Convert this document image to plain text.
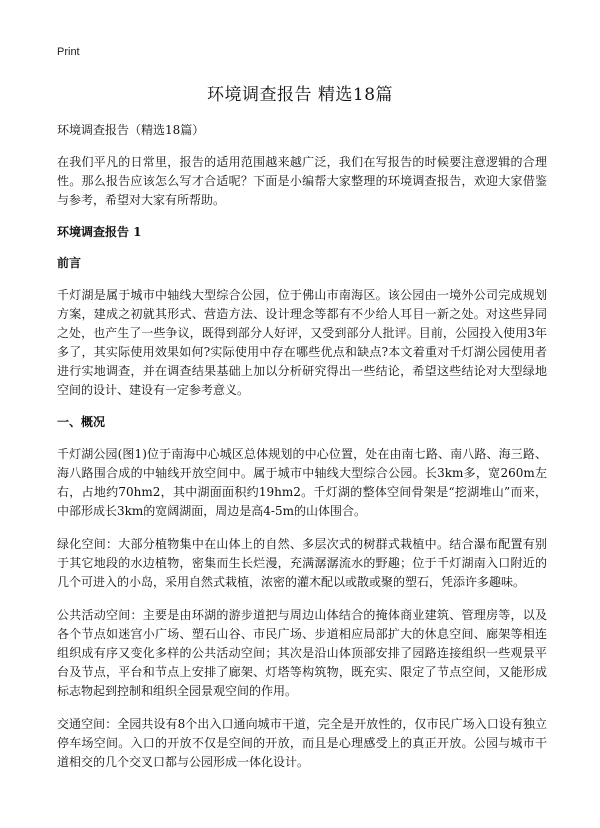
Print
环境调查报告 精选18篇
环境调查报告（精选18篇）

在我们平凡的日常里，报告的适用范围越来越广泛，我们在写报告的时候要注意逻辑的合理性。那么报告应该怎么写才合适呢？下面是小编帮大家整理的环境调查报告，欢迎大家借鉴与参考，希望对大家有所帮助。

环境调查报告 1
前言

千灯湖是属于城市中轴线大型综合公园，位于佛山市南海区。该公园由一境外公司完成规划方案，建成之初就其形式、营造方法、设计理念等都有不少给人耳目一新之处。对这些异同之处，也产生了一些争议，既得到部分人好评，又受到部分人批评。目前，公园投入使用3年多了，其实际使用效果如何?实际使用中存在哪些优点和缺点?本文着重对千灯湖公园使用者进行实地调查，并在调查结果基础上加以分析研究得出一些结论，希望这些结论对大型绿地空间的设计、建设有一定参考意义。

一、概况

千灯湖公园(图1)位于南海中心城区总体规划的中心位置，处在由南七路、南八路、海三路、海八路围合成的中轴线开放空间中。属于城市中轴线大型综合公园。长3km多，宽260m左右，占地约70hm2，其中湖面面积约19hm2。千灯湖的整体空间骨架是“挖湖堆山”而来，中部形成长3km的宽阔湖面，周边是高4-5m的山体围合。

绿化空间：大部分植物集中在山体上的自然、多层次式的树群式栽植中。结合瀑布配置有别于其它地段的水边植物，密集而生长烂漫，充满潺潺流水的野趣；位于千灯湖南入口附近的几个可进入的小岛，采用自然式栽植，浓密的灌木配以或散或聚的塑石，凭添许多趣味。

公共活动空间：主要是由环湖的游步道把与周边山体结合的掩体商业建筑、管理房等，以及各个节点如迷宫小广场、塑石山谷、市民广场、步道相应局部扩大的休息空间、廊架等相连组织成有序又变化多样的公共活动空间；其次是沿山体顶部安排了园路连接组织一些观景平台及节点，平台和节点上安排了廊架、灯塔等构筑物，既充实、限定了节点空间，又能形成标志物起到控制和组织全园景观空间的作用。

交通空间：全园共设有8个出入口通向城市干道，完全是开放性的，仅市民广场入口设有独立停车场空间。入口的开放不仅是空间的开放，而且是心理感受上的真正开放。公园与城市干道相交的几个交叉口都与公园形成一体化设计。
